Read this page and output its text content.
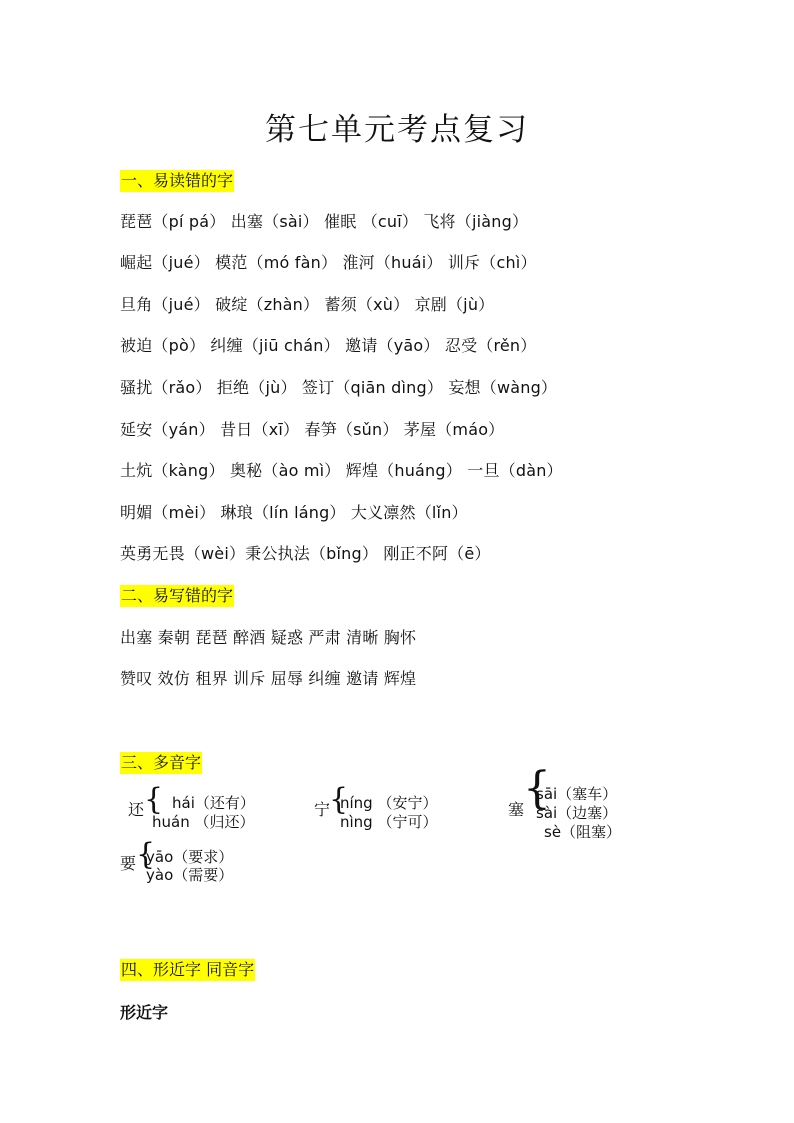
第七单元考点复习
一、易读错的字
琵琶（pí pá） 出塞（sài） 催眠 （cuī） 飞将（jiàng）
崛起（jué） 模范（mó fàn） 淮河（huái） 训斥（chì）
旦角（jué） 破绽（zhàn） 蓄须（xù） 京剧（jù）
被迫（pò） 纠缠（jiū chán） 邀请（yāo） 忍受（rěn）
骚扰（rǎo） 拒绝（jù） 签订（qiān dìng） 妄想（wàng）
延安（yán） 昔日（xī） 春笋（sǔn） 茅屋（máo）
土炕（kàng） 奥秘（ào mì） 辉煌（huáng） 一旦（dàn）
明媚（mèi） 琳琅（lín láng） 大义凛然（lǐn）
英勇无畏（wèi）秉公执法（bǐng） 刚正不阿（ē）
二、易写错的字
出塞 秦朝 琵琶 醉酒 疑惑 严肃 清晰 胸怀
赞叹 效仿 租界 训斥 屈辱 纠缠 邀请 辉煌
三、多音字
还 { hái（还有）
huán （归还）
宁
{
níng （安宁）
nìng （宁可）
塞
{
sāi（塞车）
sài（边塞）
sè（阻塞）
要 {
yāo（要求）
yào（需要）
四、形近字 同音字
形近字
